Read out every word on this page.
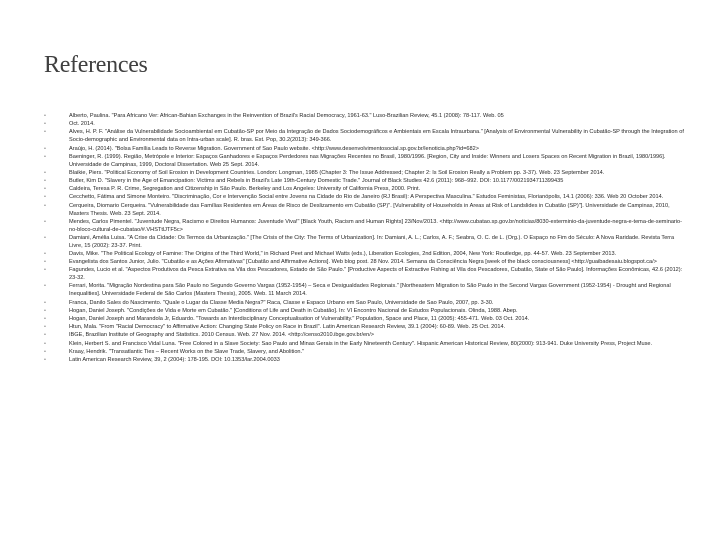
References
•	Alberto, Paulina. "Para Africano Ver: African-Bahian Exchanges in the Reinvention of Brazil's Racial Democracy, 1961-63." Luso-Brazilian Review, 45.1 (2008): 78-117. Web. 05
•	Oct. 2014.
•	Alves, H. P. F. "Análise da Vulnerabilidade Socioambiental em Cubatão-SP por Meio da Integração de Dados Sociodemográficos e Ambientais em Escala Intraurbana." [Analysis of Environmental Vulnerability in Cubatão-SP through the Integration of Socio-demographic and Environmental data on Intra-urban scale]. R. bras. Est. Pop, 30.2(2013): 349-366.
•	Araújo, H. (2014). "Bolsa Família Leads to Reverse Migration. Government of Sao Paulo website. <http://www.desenvolvimentosocial.sp.gov.br/lenoticia.php?id=682>
•	Baeninger, R. (1999). Região, Metrópole e Interior: Espaços Ganhadores e Espaços Perdedores nas Migrações Recentes no Brasil, 1980/1996. [Region, City and Inside: Winners and Losers Spaces on Recent Migration in Brazil, 1980/1996]. Universidade de Campinas, 1999, Doctoral Dissertation. Web 25 Sept. 2014.
•	Blaikie, Piers. "Political Economy of Soil Erosion in Development Countries. London: Longman, 1985 (Chapter 3: The Issue Addressed; Chapter 2: Is Soil Erosion Really a Problem pp. 3-37). Web. 23 September 2014.
•	Butler, Kim D. "Slavery in the Age of Emancipation: Victims and Rebels in Brazil's Late 19th-Century Domestic Trade." Journal of Black Studies 42.6 (2011): 968–992. DOI: 10.1177/0021934711399435
•	Caldeira, Teresa P. R. Crime, Segregation and Citizenship in São Paulo. Berkeley and Los Angeles: University of California Press, 2000. Print.
•	Cecchetto, Fátima and Simone Monteiro. "Discriminação, Cor e Intervenção Social entre Jovens na Cidade do Rio de Janeiro (RJ Brasil): A Perspectiva Masculina." Estudos Feministas, Florianópolis, 14.1 (2006): 336. Web 20 October 2014.
•	Cerqueira, Diomario Cerqueira. "Vulnerabilidade das Famílias Residentes em Áreas de Risco de Deslizamento em Cubatão (SP)". [Vulnerability of Households in Areas at Risk of Landslides in Cubatão (SP)"]. Universidade de Campinas, 2010, Masters Thesis. Web. 23 Sept. 2014.
•	Mendes, Carlos Pimentel. "Juventude Negra, Racismo e Direitos Humanos: Juventude Viva!" [Black Youth, Racism and Human Rights] 23/Nov/2013. <http://www.cubatao.sp.gov.br/noticias/8030-exterminio-da-juventude-negra-e-tema-de-seminario-no-bloco-cultural-de-cubatao/#.VHSTtlJTF5c>
•	Damiani, Amélia Luisa. "A Crise da Cidade: Os Termos da Urbanização." [The Crisis of the City: The Terms of Urbanization]. In: Damiani, A. L.; Carlos, A. F.; Seabra, O. C. de L. (Org.). O Espaço no Fim do Século: A Nova Raridade. Revista Terra Livre, 15 (2002): 23-37. Print.
•	Davis, Mike. "The Political Ecology of Famine: The Origins of the Third World," in Richard Peet and Michael Watts (eds.), Liberation Ecologies, 2nd Edition, 2004, New York: Routledge, pp. 44-57. Web. 23 September 2013.
•	Evangelista dos Santos Junior, Julio. "Cubatão e as Ações Afirmativas" [Cubatão and Affirmative Actions]. Web blog post. 28 Nov. 2014. Semana da Consciência Negra [week of the black consciousness] <http://guaibadesaiu.blogspot.ca/>
•	Fagundes, Lucio et al. "Aspectos Produtivos da Pesca Extrativa na Vila dos Pescadores, Estado de São Paulo." [Productive Aspects of Extractive Fishing at Vila dos Pescadores, Cubatão, State of São Paulo]. Informações Econômicas, 42.6 (2012): 23-32.
•	Ferrari, Morita. "Migração Nordestina para São Paulo no Segundo Governo Vargas (1952-1954) – Seca e Desigualdades Regionais." [Northeastern Migration to São Paulo in the Second Vargas Government (1952-1954) - Drought and Regional Inequalities]. Universidade Federal de São Carlos (Masters Thesis), 2005. Web. 11 March 2014.
•	Franca, Danilo Sales do Nascimento. "Quale o Lugar da Classe Media Negra?" Raca, Classe e Espaco Urbano em Sao Paulo, Universidade de Sao Paulo, 2007, pp. 3-30.
•	Hogan, Daniel Joseph. "Condições de Vida e Morte em Cubatão." [Conditions of Life and Death in Cubatão]. In: VI Encontro Nacional de Estudos Populacionais. Olinda, 1988. Abep.
•	Hogan, Daniel Joseph and Marandola Jr, Eduardo. "Towards an Interdisciplinary Conceptualisation of Vulnerability." Population, Space and Place, 11 (2005): 455-471. Web. 03 Oct. 2014.
•	Htun, Mala. "From "Racial Democracy" to Affirmative Action: Changing State Policy on Race in Brazil". Latin American Research Review, 39.1 (2004): 60-89. Web. 25 Oct. 2014.
•	IBGE, Brazilian Institute of Geography and Statistics. 2010 Census. Web. 27 Nov. 2014. <http://censo2010.ibge.gov.br/en/>
•	Klein, Herbert S. and Francisco Vidal Luna. "Free Colored in a Slave Society: Sao Paulo and Minas Gerais in the Early Nineteenth Century". Hispanic American Historical Review, 80(2000): 913-941. Duke University Press, Project Muse.
•	Kraay, Hendrik. "Transatlantic Ties – Recent Works on the Slave Trade, Slavery, and Abolition."
•	Latin American Research Review, 39, 2 (2004): 178-195. DOI: 10.1353/lar.2004.0033
